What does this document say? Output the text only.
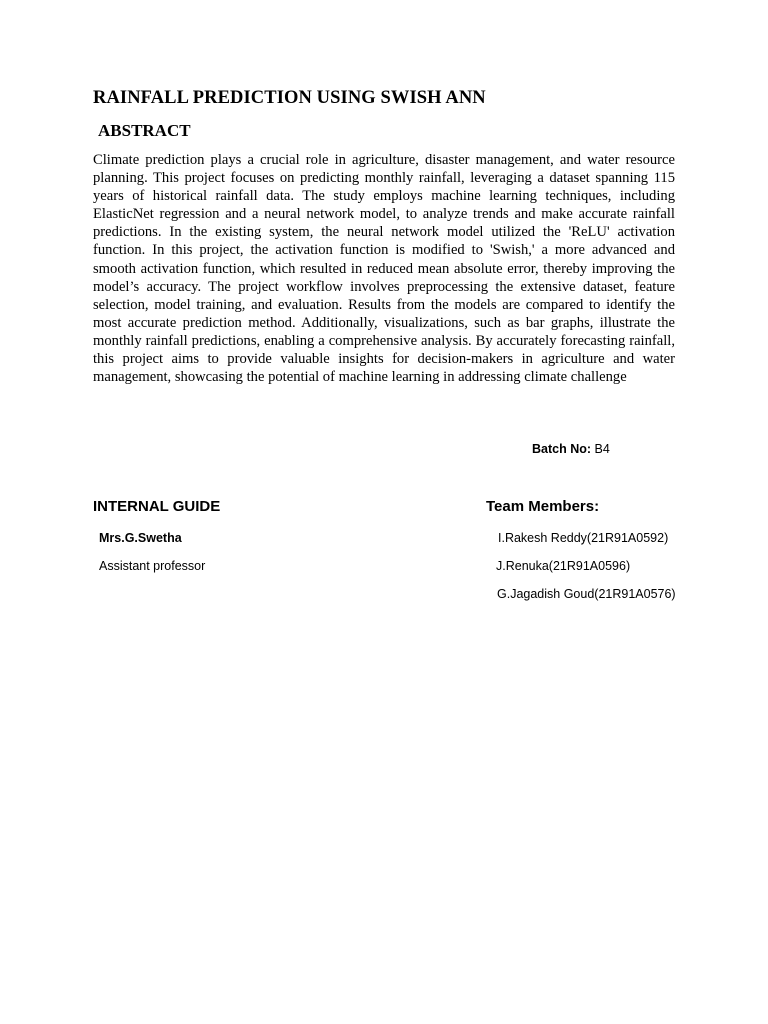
RAINFALL PREDICTION USING SWISH ANN
ABSTRACT

Climate prediction plays a crucial role in agriculture, disaster management, and water resource planning. This project focuses on predicting monthly rainfall, leveraging a dataset spanning 115 years of historical rainfall data. The study employs machine learning techniques, including ElasticNet regression and a neural network model, to analyze trends and make accurate rainfall predictions. In the existing system, the neural network model utilized the 'ReLU' activation function. In this project, the activation function is modified to 'Swish,' a more advanced and smooth activation function, which resulted in reduced mean absolute error, thereby improving the model’s accuracy. The project workflow involves preprocessing the extensive dataset, feature selection, model training, and evaluation. Results from the models are compared to identify the most accurate prediction method. Additionally, visualizations, such as bar graphs, illustrate the monthly rainfall predictions, enabling a comprehensive analysis. By accurately forecasting rainfall, this project aims to provide valuable insights for decision-makers in agriculture and water management, showcasing the potential of machine learning in addressing climate challenge

Batch No: B4
INTERNAL GUIDE	Team Members:
Mrs.G.Swetha
Assistant professor
I.Rakesh Reddy(21R91A0592)
J.Renuka(21R91A0596)
G.Jagadish Goud(21R91A0576)
